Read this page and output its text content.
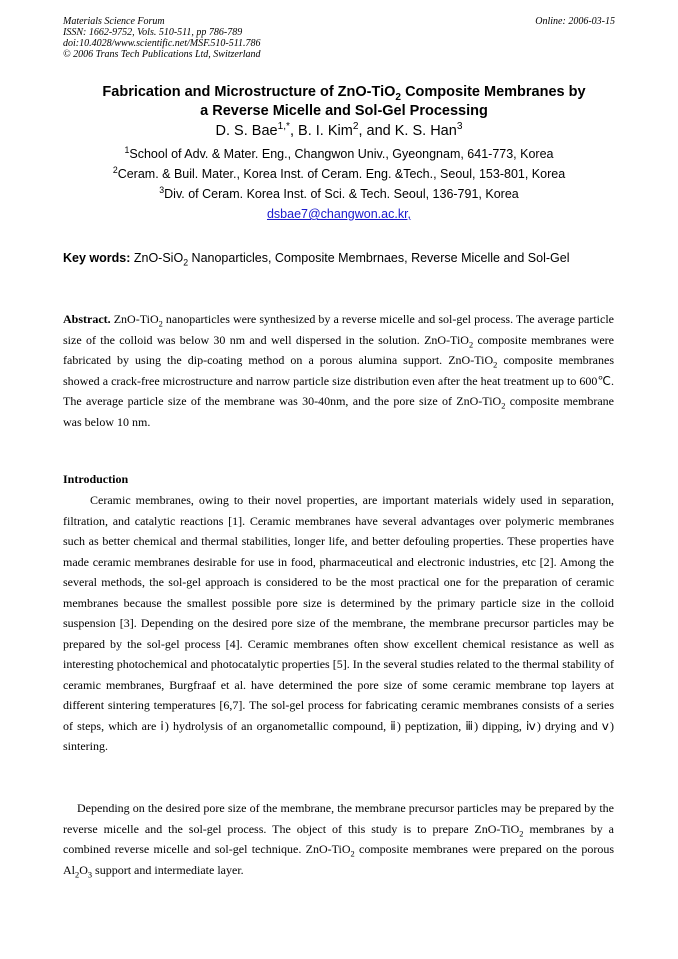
Materials Science Forum
ISSN: 1662-9752, Vols. 510-511, pp 786-789
doi:10.4028/www.scientific.net/MSF.510-511.786
© 2006 Trans Tech Publications Ltd, Switzerland
Online: 2006-03-15
Fabrication and Microstructure of ZnO-TiO$_2$ Composite Membranes by
a Reverse Micelle and Sol-Gel Processing
D. S. Bae$^{1,*}$, B. I. Kim$^2$, and K. S. Han$^3$
$^1$School of Adv. & Mater. Eng., Changwon Univ., Gyeongnam, 641-773, Korea
$^2$Ceram. & Buil. Mater., Korea Inst. of Ceram. Eng. &Tech., Seoul, 153-801, Korea
$^3$Div. of Ceram. Korea Inst. of Sci. & Tech. Seoul, 136-791, Korea
dsbae7@changwon.ac.kr,
Key words: ZnO-SiO$_2$ Nanoparticles, Composite Membrnaes, Reverse Micelle and Sol-Gel
Abstract. ZnO-TiO$_2$ nanoparticles were synthesized by a reverse micelle and sol-gel process. The average particle size of the colloid was below 30 nm and well dispersed in the solution. ZnO-TiO$_2$ composite membranes were fabricated by using the dip-coating method on a porous alumina support. ZnO-TiO$_2$ composite membranes showed a crack-free microstructure and narrow particle size distribution even after the heat treatment up to 600℃. The average particle size of the membrane was 30-40nm, and the pore size of ZnO-TiO$_2$ composite membrane was below 10 nm.
Introduction
Ceramic membranes, owing to their novel properties, are important materials widely used in separation, filtration, and catalytic reactions [1]. Ceramic membranes have several advantages over polymeric membranes such as better chemical and thermal stabilities, longer life, and better defouling properties. These properties have made ceramic membranes desirable for use in food, pharmaceutical and electronic industries, etc [2]. Among the several methods, the sol-gel approach is considered to be the most practical one for the preparation of ceramic membranes because the smallest possible pore size is determined by the primary particle size in the colloid suspension [3]. Depending on the desired pore size of the membrane, the membrane precursor particles may be prepared by the sol-gel process [4]. Ceramic membranes often show excellent chemical resistance as well as interesting photochemical and photocatalytic properties [5]. In the several studies related to the thermal stability of ceramic membranes, Burgfraaf et al. have determined the pore size of some ceramic membrane top layers at different sintering temperatures [6,7]. The sol-gel process for fabricating ceramic membranes consists of a series of steps, which are ⅰ) hydrolysis of an organometallic compound, ⅱ) peptization, ⅲ) dipping, ⅳ) drying and ⅴ) sintering.
Depending on the desired pore size of the membrane, the membrane precursor particles may be prepared by the reverse micelle and the sol-gel process. The object of this study is to prepare ZnO-TiO$_2$ membranes by a combined reverse micelle and sol-gel technique. ZnO-TiO$_2$ composite membranes were prepared on the porous $Al_2O_3$ support and intermediate layer.
